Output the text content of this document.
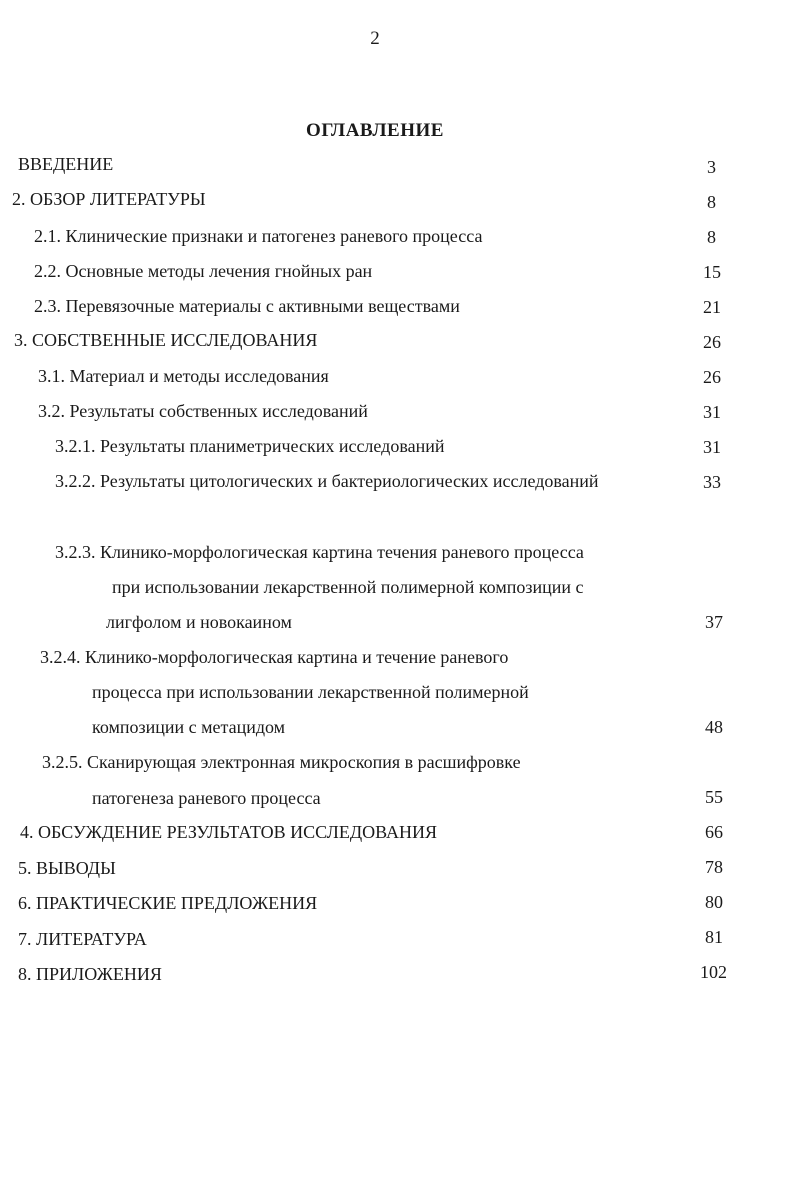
2
ОГЛАВЛЕНИЕ
ВВЕДЕНИЕ	3
2. ОБЗОР ЛИТЕРАТУРЫ	8
2.1. Клинические признаки и патогенез раневого процесса	8
2.2. Основные методы лечения гнойных ран	15
2.3. Перевязочные материалы с активными веществами	21
3. СОБСТВЕННЫЕ ИССЛЕДОВАНИЯ	26
3.1. Материал и методы исследования	26
3.2. Результаты собственных исследований	31
3.2.1. Результаты планиметрических исследований	31
3.2.2. Результаты цитологических и бактериологических исследований	33
3.2.3. Клинико-морфологическая картина течения раневого процесса
при использовании лекарственной полимерной композиции с
лигфолом и новокаином	37
3.2.4. Клинико-морфологическая картина и течение раневого
процесса при использовании лекарственной полимерной
композиции с метацидом	48
3.2.5. Сканирующая электронная микроскопия в расшифровке
патогенеза раневого процесса	55
4. ОБСУЖДЕНИЕ РЕЗУЛЬТАТОВ ИССЛЕДОВАНИЯ	66
5. ВЫВОДЫ	78
6. ПРАКТИЧЕСКИЕ ПРЕДЛОЖЕНИЯ	80
7. ЛИТЕРАТУРА	81
8. ПРИЛОЖЕНИЯ	102
